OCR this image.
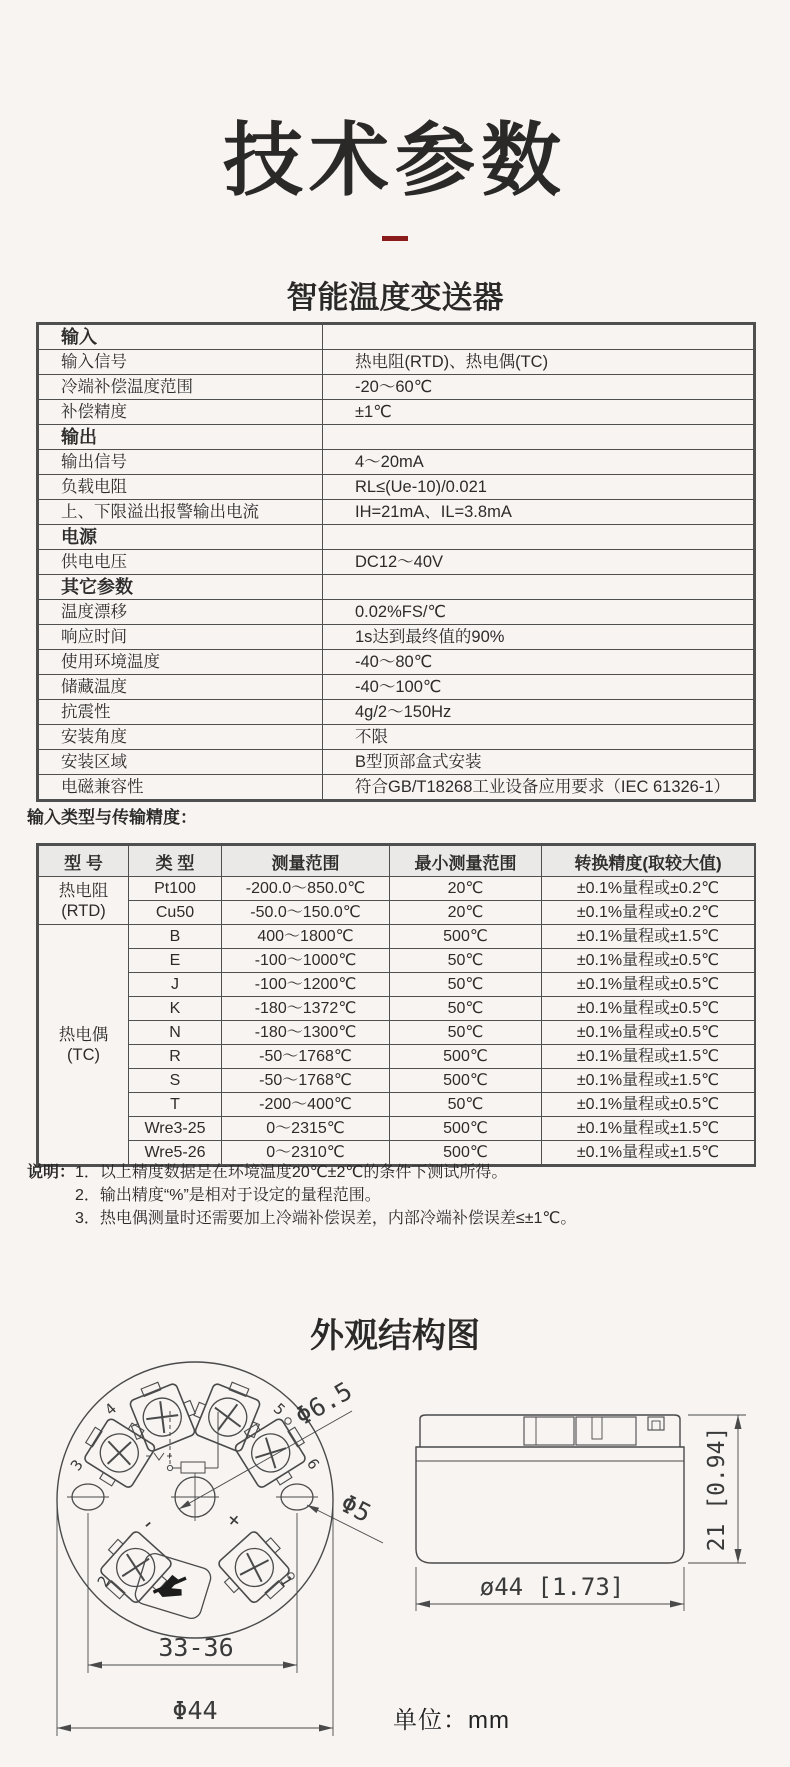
技术参数
智能温度变送器
输入	
输入信号	热电阻(RTD)、热电偶(TC)
冷端补偿温度范围	-20～60℃
补偿精度	±1℃
输出	
输出信号	4～20mA
负载电阻	RL≤(Ue-10)/0.021
上、下限溢出报警输出电流	IH=21mA、IL=3.8mA
电源	
供电电压	DC12～40V
其它参数	
温度漂移	0.02%FS/℃
响应时间	1s达到最终值的90%
使用环境温度	-40～80℃
储藏温度	-40～100℃
抗震性	4g/2～150Hz
安装角度	不限
安装区域	B型顶部盒式安装
电磁兼容性	符合GB/T18268工业设备应用要求（IEC 61326-1）
输入类型与传输精度：
型 号	类 型	测量范围	最小测量范围	转换精度(取较大值)

热电阻
(RTD)	Pt100	-200.0～850.0℃	20℃	±0.1%量程或±0.2℃
	Cu50	-50.0～150.0℃	20℃	±0.1%量程或±0.2℃

热电偶
(TC)	B	400～1800℃	500℃	±0.1%量程或±1.5℃
	E	-100～1000℃	50℃	±0.1%量程或±0.5℃
	J	-100～1200℃	50℃	±0.1%量程或±0.5℃
	K	-180～1372℃	50℃	±0.1%量程或±0.5℃
	N	-180～1300℃	50℃	±0.1%量程或±0.5℃
	R	-50～1768℃	500℃	±0.1%量程或±1.5℃
	S	-50～1768℃	500℃	±0.1%量程或±1.5℃
	T	-200～400℃	50℃	±0.1%量程或±0.5℃
	Wre3-25	0～2315℃	500℃	±0.1%量程或±1.5℃
	Wre5-26	0～2310℃	500℃	±0.1%量程或±1.5℃
说明： 1．以上精度数据是在环境温度20℃±2℃的条件下测试所得。
2．输出精度“%”是相对于设定的量程范围。
3．热电偶测量时还需要加上冷端补偿误差，内部冷端补偿误差≤±1℃。
外观结构图
3
4	5
6
2	1
-	+
Φ6.5
Φ5
33-36
Φ44
21 [0.94]
ø44 [1.73]
单位：mm
